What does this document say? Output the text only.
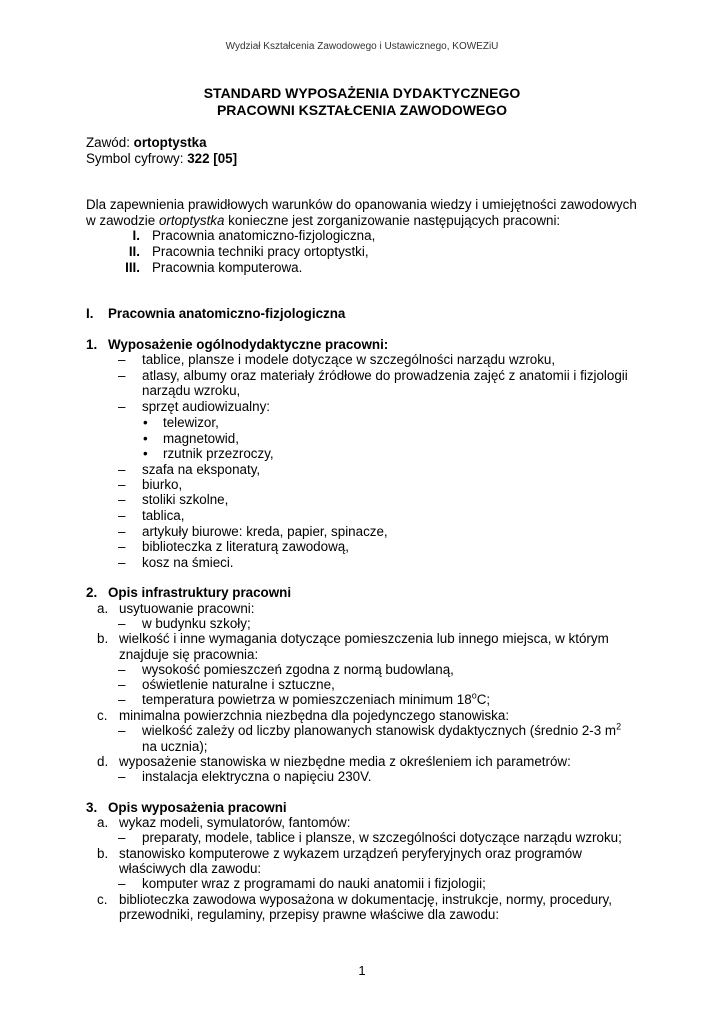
Wydział Kształcenia Zawodowego i Ustawicznego, KOWEZiU
STANDARD WYPOSAŻENIA DYDAKTYCZNEGO
PRACOWNI KSZTAŁCENIA ZAWODOWEGO
Zawód: ortoptystka
Symbol cyfrowy: 322 [05]
Dla zapewnienia prawidłowych warunków do opanowania wiedzy i umiejętności zawodowych
w zawodzie ortoptystka konieczne jest zorganizowanie następujących pracowni:
I. Pracownia anatomiczno-fizjologiczna,
II. Pracownia techniki pracy ortoptystki,
III. Pracownia komputerowa.
I. Pracownia anatomiczno-fizjologiczna
1. Wyposażenie ogólnodydaktyczne pracowni:
– tablice, plansze i modele dotyczące w szczególności narządu wzroku,
– atlasy, albumy oraz materiały źródłowe do prowadzenia zajęć z anatomii i fizjologii
narządu wzroku,
– sprzęt audiowizualny:
• telewizor,
• magnetowid,
• rzutnik przezroczy,
– szafa na eksponaty,
– biurko,
– stoliki szkolne,
– tablica,
– artykuły biurowe: kreda, papier, spinacze,
– biblioteczka z literaturą zawodową,
– kosz na śmieci.
2. Opis infrastruktury pracowni
a. usytuowanie pracowni:
– w budynku szkoły;
b. wielkość i inne wymagania dotyczące pomieszczenia lub innego miejsca, w którym
znajduje się pracownia:
– wysokość pomieszczeń zgodna z normą budowlaną,
– oświetlenie naturalne i sztuczne,
– temperatura powietrza w pomieszczeniach minimum 18$^o$C;
c. minimalna powierzchnia niezbędna dla pojedynczego stanowiska:
– wielkość zależy od liczby planowanych stanowisk dydaktycznych (średnio 2-3 $m^2$
na ucznia);
d. wyposażenie stanowiska w niezbędne media z określeniem ich parametrów:
– instalacja elektryczna o napięciu 230V.
3. Opis wyposażenia pracowni
a. wykaz modeli, symulatorów, fantomów:
– preparaty, modele, tablice i plansze, w szczególności dotyczące narządu wzroku;
b. stanowisko komputerowe z wykazem urządzeń peryferyjnych oraz programów
właściwych dla zawodu:
– komputer wraz z programami do nauki anatomii i fizjologii;
c. biblioteczka zawodowa wyposażona w dokumentację, instrukcje, normy, procedury,
przewodniki, regulaminy, przepisy prawne właściwe dla zawodu:
1
